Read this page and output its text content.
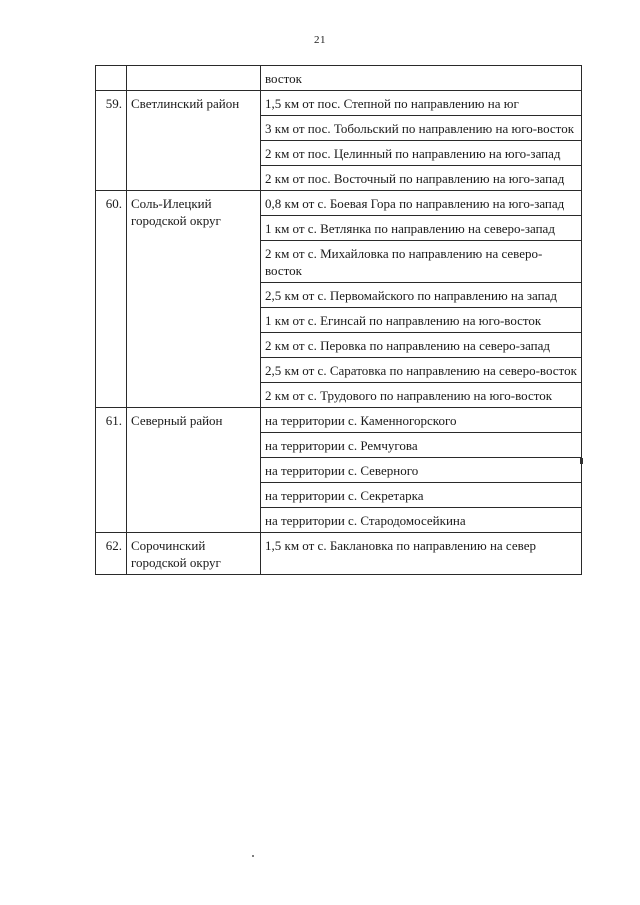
21
		восток
59.	Светлинский район	1,5 км от пос. Степной по направлению на юг
		3 км от пос. Тобольский по направлению на юго-восток
		2 км от пос. Целинный по направлению на юго-запад
		2 км от пос. Восточный по направлению на юго-запад
60.	Соль-Илецкий городской округ	0,8 км от с. Боевая Гора по направлению на юго-запад
		1 км от с. Ветлянка по направлению на северо-запад
		2 км от с. Михайловка по направлению на северо-восток
		2,5 км от с. Первомайского по направлению на запад
		1 км от с. Егинсай по направлению на юго-восток
		2 км от с. Перовка по направлению на северо-запад
		2,5 км от с. Саратовка по направлению на северо-восток
		2 км от с. Трудового по направлению на юго-восток
61.	Северный район	на территории с. Каменногорского
		на территории с. Ремчугова
		на территории с. Северного
		на территории с. Секретарка
		на территории с. Стародомосейкина
62.	Сорочинский городской округ	1,5 км от с. Баклановка по направлению на север
